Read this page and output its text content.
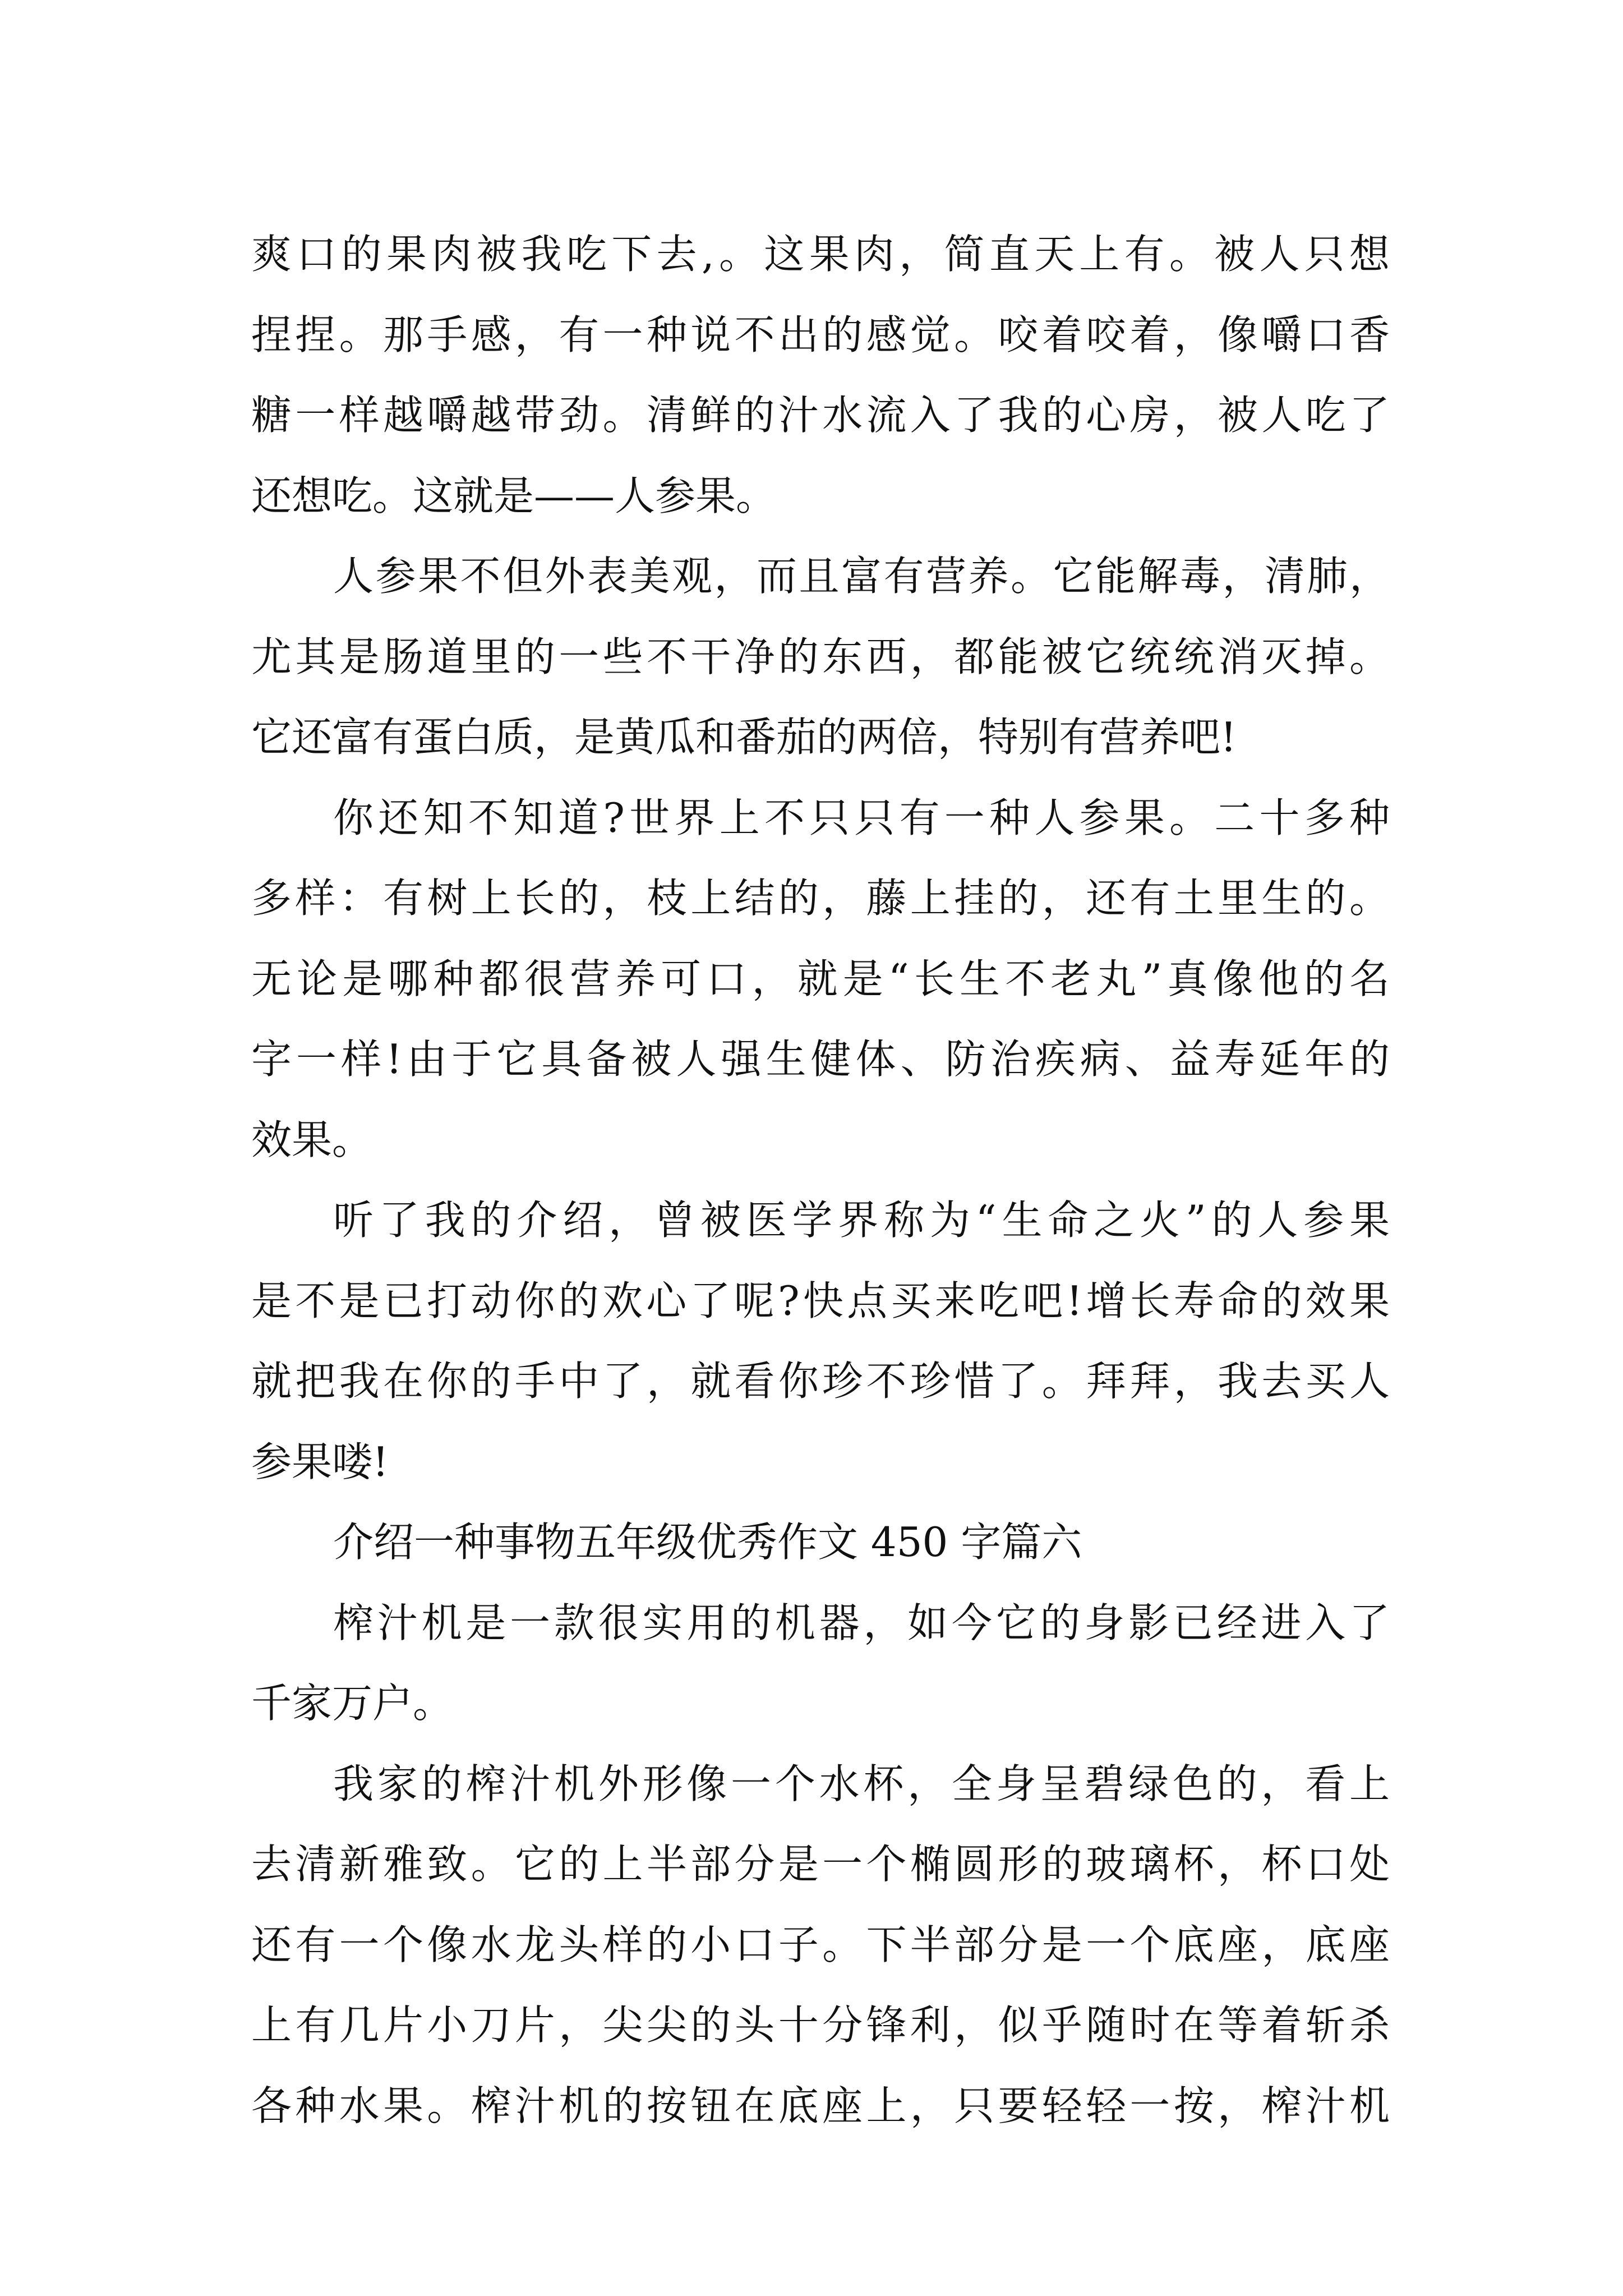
爽口的果肉被我吃下去,。这果肉，简直天上有。被人只想
捏捏。那手感，有一种说不出的感觉。咬着咬着，像嚼口香
糖一样越嚼越带劲。清鲜的汁水流入了我的心房，被人吃了
还想吃。这就是——人参果。
人参果不但外表美观，而且富有营养。它能解毒，清肺，
尤其是肠道里的一些不干净的东西，都能被它统统消灭掉。
它还富有蛋白质，是黄瓜和番茄的两倍，特别有营养吧!
你还知不知道?世界上不只只有一种人参果。二十多种
多样：有树上长的，枝上结的，藤上挂的，还有土里生的。
无论是哪种都很营养可口，就是“长生不老丸”真像他的名
字一样!由于它具备被人强生健体、防治疾病、益寿延年的
效果。
听了我的介绍，曾被医学界称为“生命之火”的人参果
是不是已打动你的欢心了呢?快点买来吃吧!增长寿命的效果
就把我在你的手中了，就看你珍不珍惜了。拜拜，我去买人
参果喽!
介绍一种事物五年级优秀作文 450 字篇六
榨汁机是一款很实用的机器，如今它的身影已经进入了
千家万户。
我家的榨汁机外形像一个水杯，全身呈碧绿色的，看上
去清新雅致。它的上半部分是一个椭圆形的玻璃杯，杯口处
还有一个像水龙头样的小口子。下半部分是一个底座，底座
上有几片小刀片，尖尖的头十分锋利，似乎随时在等着斩杀
各种水果。榨汁机的按钮在底座上，只要轻轻一按，榨汁机
